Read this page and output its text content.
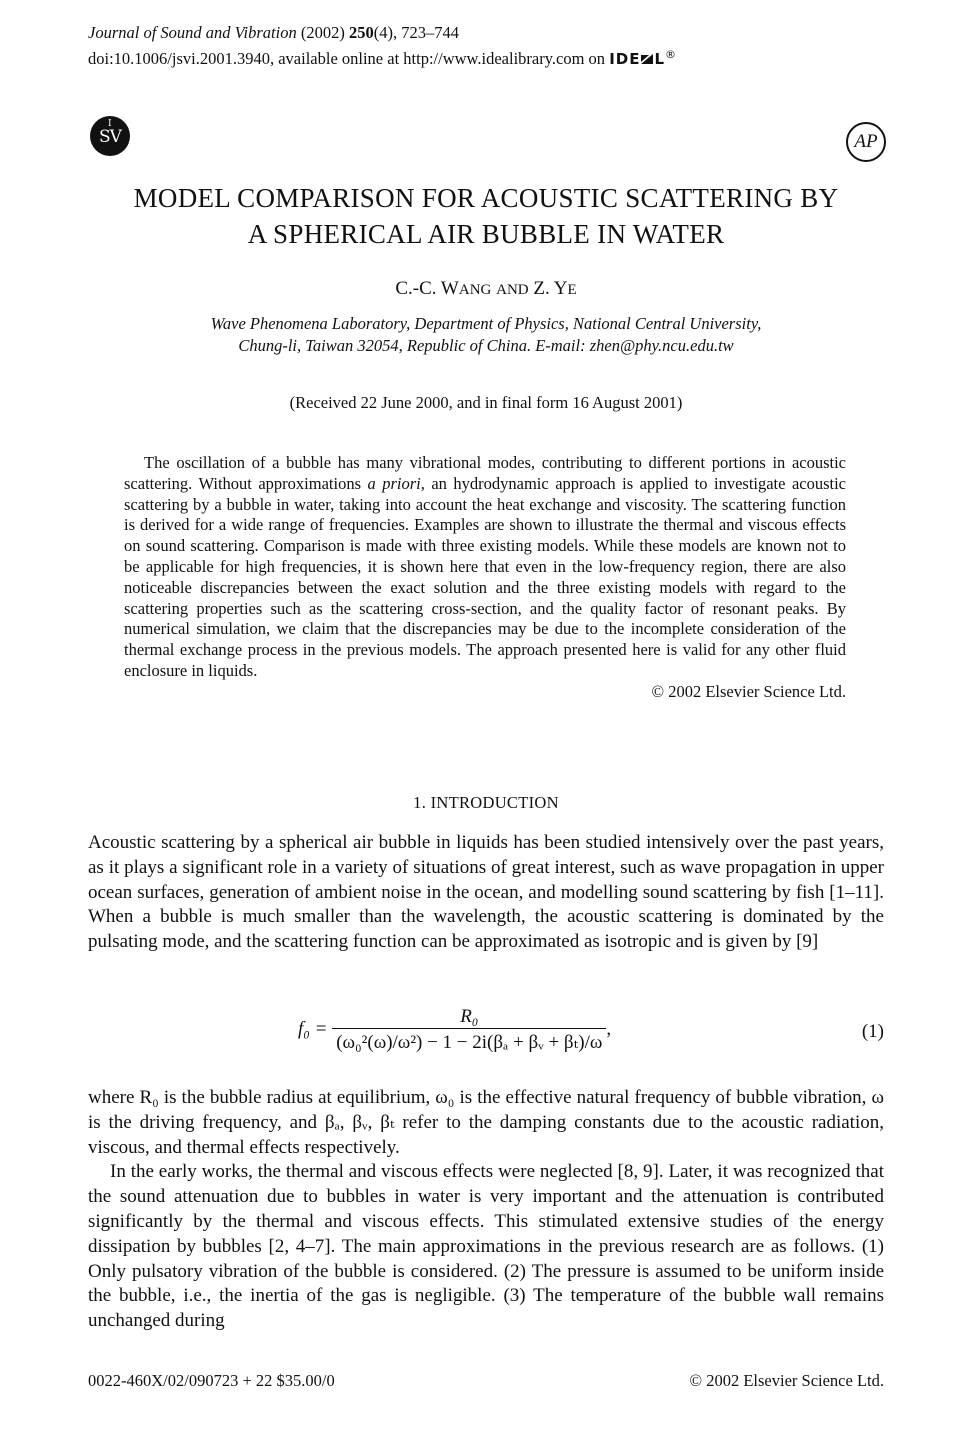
Journal of Sound and Vibration (2002) 250(4), 723–744
doi:10.1006/jsvi.2001.3940, available online at http://www.idealibrary.com on IDE L®
I
SV	AP
MODEL COMPARISON FOR ACOUSTIC SCATTERING BY
A SPHERICAL AIR BUBBLE IN WATER
C.-C. WANG AND Z. YE
Wave Phenomena Laboratory, Department of Physics, National Central University,
Chung-li, Taiwan 32054, Republic of China. E-mail: zhen@phy.ncu.edu.tw
(Received 22 June 2000, and in final form 16 August 2001)

The oscillation of a bubble has many vibrational modes, contributing to different portions in acoustic scattering. Without approximations a priori, an hydrodynamic approach is applied to investigate acoustic scattering by a bubble in water, taking into account the heat exchange and viscosity. The scattering function is derived for a wide range of frequencies. Examples are shown to illustrate the thermal and viscous effects on sound scattering. Comparison is made with three existing models. While these models are known not to be applicable for high frequencies, it is shown here that even in the low-frequency region, there are also noticeable discrepancies between the exact solution and the three existing models with regard to the scattering properties such as the scattering cross-section, and the quality factor of resonant peaks. By numerical simulation, we claim that the discrepancies may be due to the incomplete consideration of the thermal exchange process in the previous models. The approach presented here is valid for any other fluid enclosure in liquids.

© 2002 Elsevier Science Ltd.
1. INTRODUCTION

Acoustic scattering by a spherical air bubble in liquids has been studied intensively over the past years, as it plays a significant role in a variety of situations of great interest, such as wave propagation in upper ocean surfaces, generation of ambient noise in the ocean, and modelling sound scattering by fish [1–11]. When a bubble is much smaller than the wavelength, the acoustic scattering is dominated by the pulsating mode, and the scattering function can be approximated as isotropic and is given by [9]

$f_0 = \frac{\text{R₀}}{\text{(ω₀²(ω)/ω²) − 1 − 2i(βₐ + βᵥ + βₜ)/ω}}$ ,	(1)

where R₀ is the bubble radius at equilibrium, ω₀ is the effective natural frequency of bubble vibration, ω is the driving frequency, and βₐ, βᵥ, βₜ refer to the damping constants due to the acoustic radiation, viscous, and thermal effects respectively.

In the early works, the thermal and viscous effects were neglected [8, 9]. Later, it was recognized that the sound attenuation due to bubbles in water is very important and the attenuation is contributed significantly by the thermal and viscous effects. This stimulated extensive studies of the energy dissipation by bubbles [2, 4–7]. The main approximations in the previous research are as follows. (1) Only pulsatory vibration of the bubble is considered. (2) The pressure is assumed to be uniform inside the bubble, i.e., the inertia of the gas is negligible. (3) The temperature of the bubble wall remains unchanged during

0022-460X/02/090723 + 22 $35.00/0	© 2002 Elsevier Science Ltd.
